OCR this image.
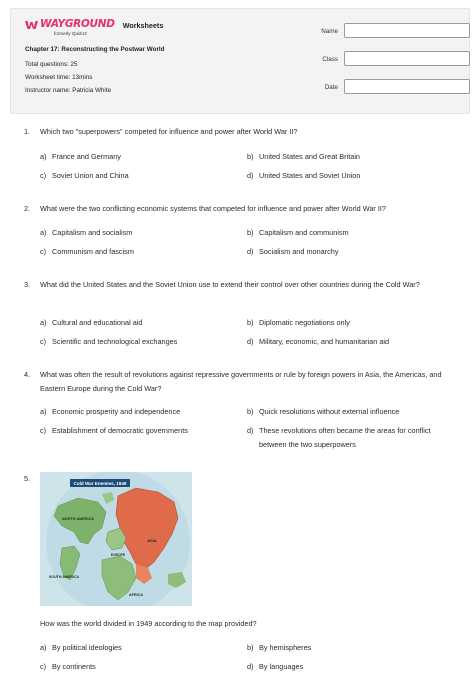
WAYGROUND
formerly Quizizz
Worksheets
Chapter 17: Reconstructing the Postwar World
Total questions: 25
Worksheet time: 13mins
Instructor name: Patricia White
Name
Class
Date
1.	Which two "superpowers" competed for influence and power after World War II?
a) France and Germany	b) United States and Great Britain
c) Soviet Union and China	d) United States and Soviet Union
2.	What were the two conflicting economic systems that competed for influence and power after World War II?
a) Capitalism and socialism	b) Capitalism and communism
c) Communism and fascism	d) Socialism and monarchy
3.	What did the United States and the Soviet Union use to extend their control over other countries during the Cold War?
a) Cultural and educational aid	b) Diplomatic negotiations only
c) Scientific and technological exchanges	d) Military, economic, and humanitarian aid
4.	What was often the result of revolutions against repressive governments or rule by foreign powers in Asia, the Americas, and Eastern Europe during the Cold War?
a) Economic prosperity and independence	b) Quick resolutions without external influence
c) Establishment of democratic governments	d) These revolutions often became the areas for conflict between the two superpowers
5.
Cold War Enemies, 1949
NORTH AMERICA
SOUTH AMERICA
ASIA
EUROPE
AFRICA
How was the world divided in 1949 according to the map provided?
a) By political ideologies	b) By hemispheres
c) By continents	d) By languages
